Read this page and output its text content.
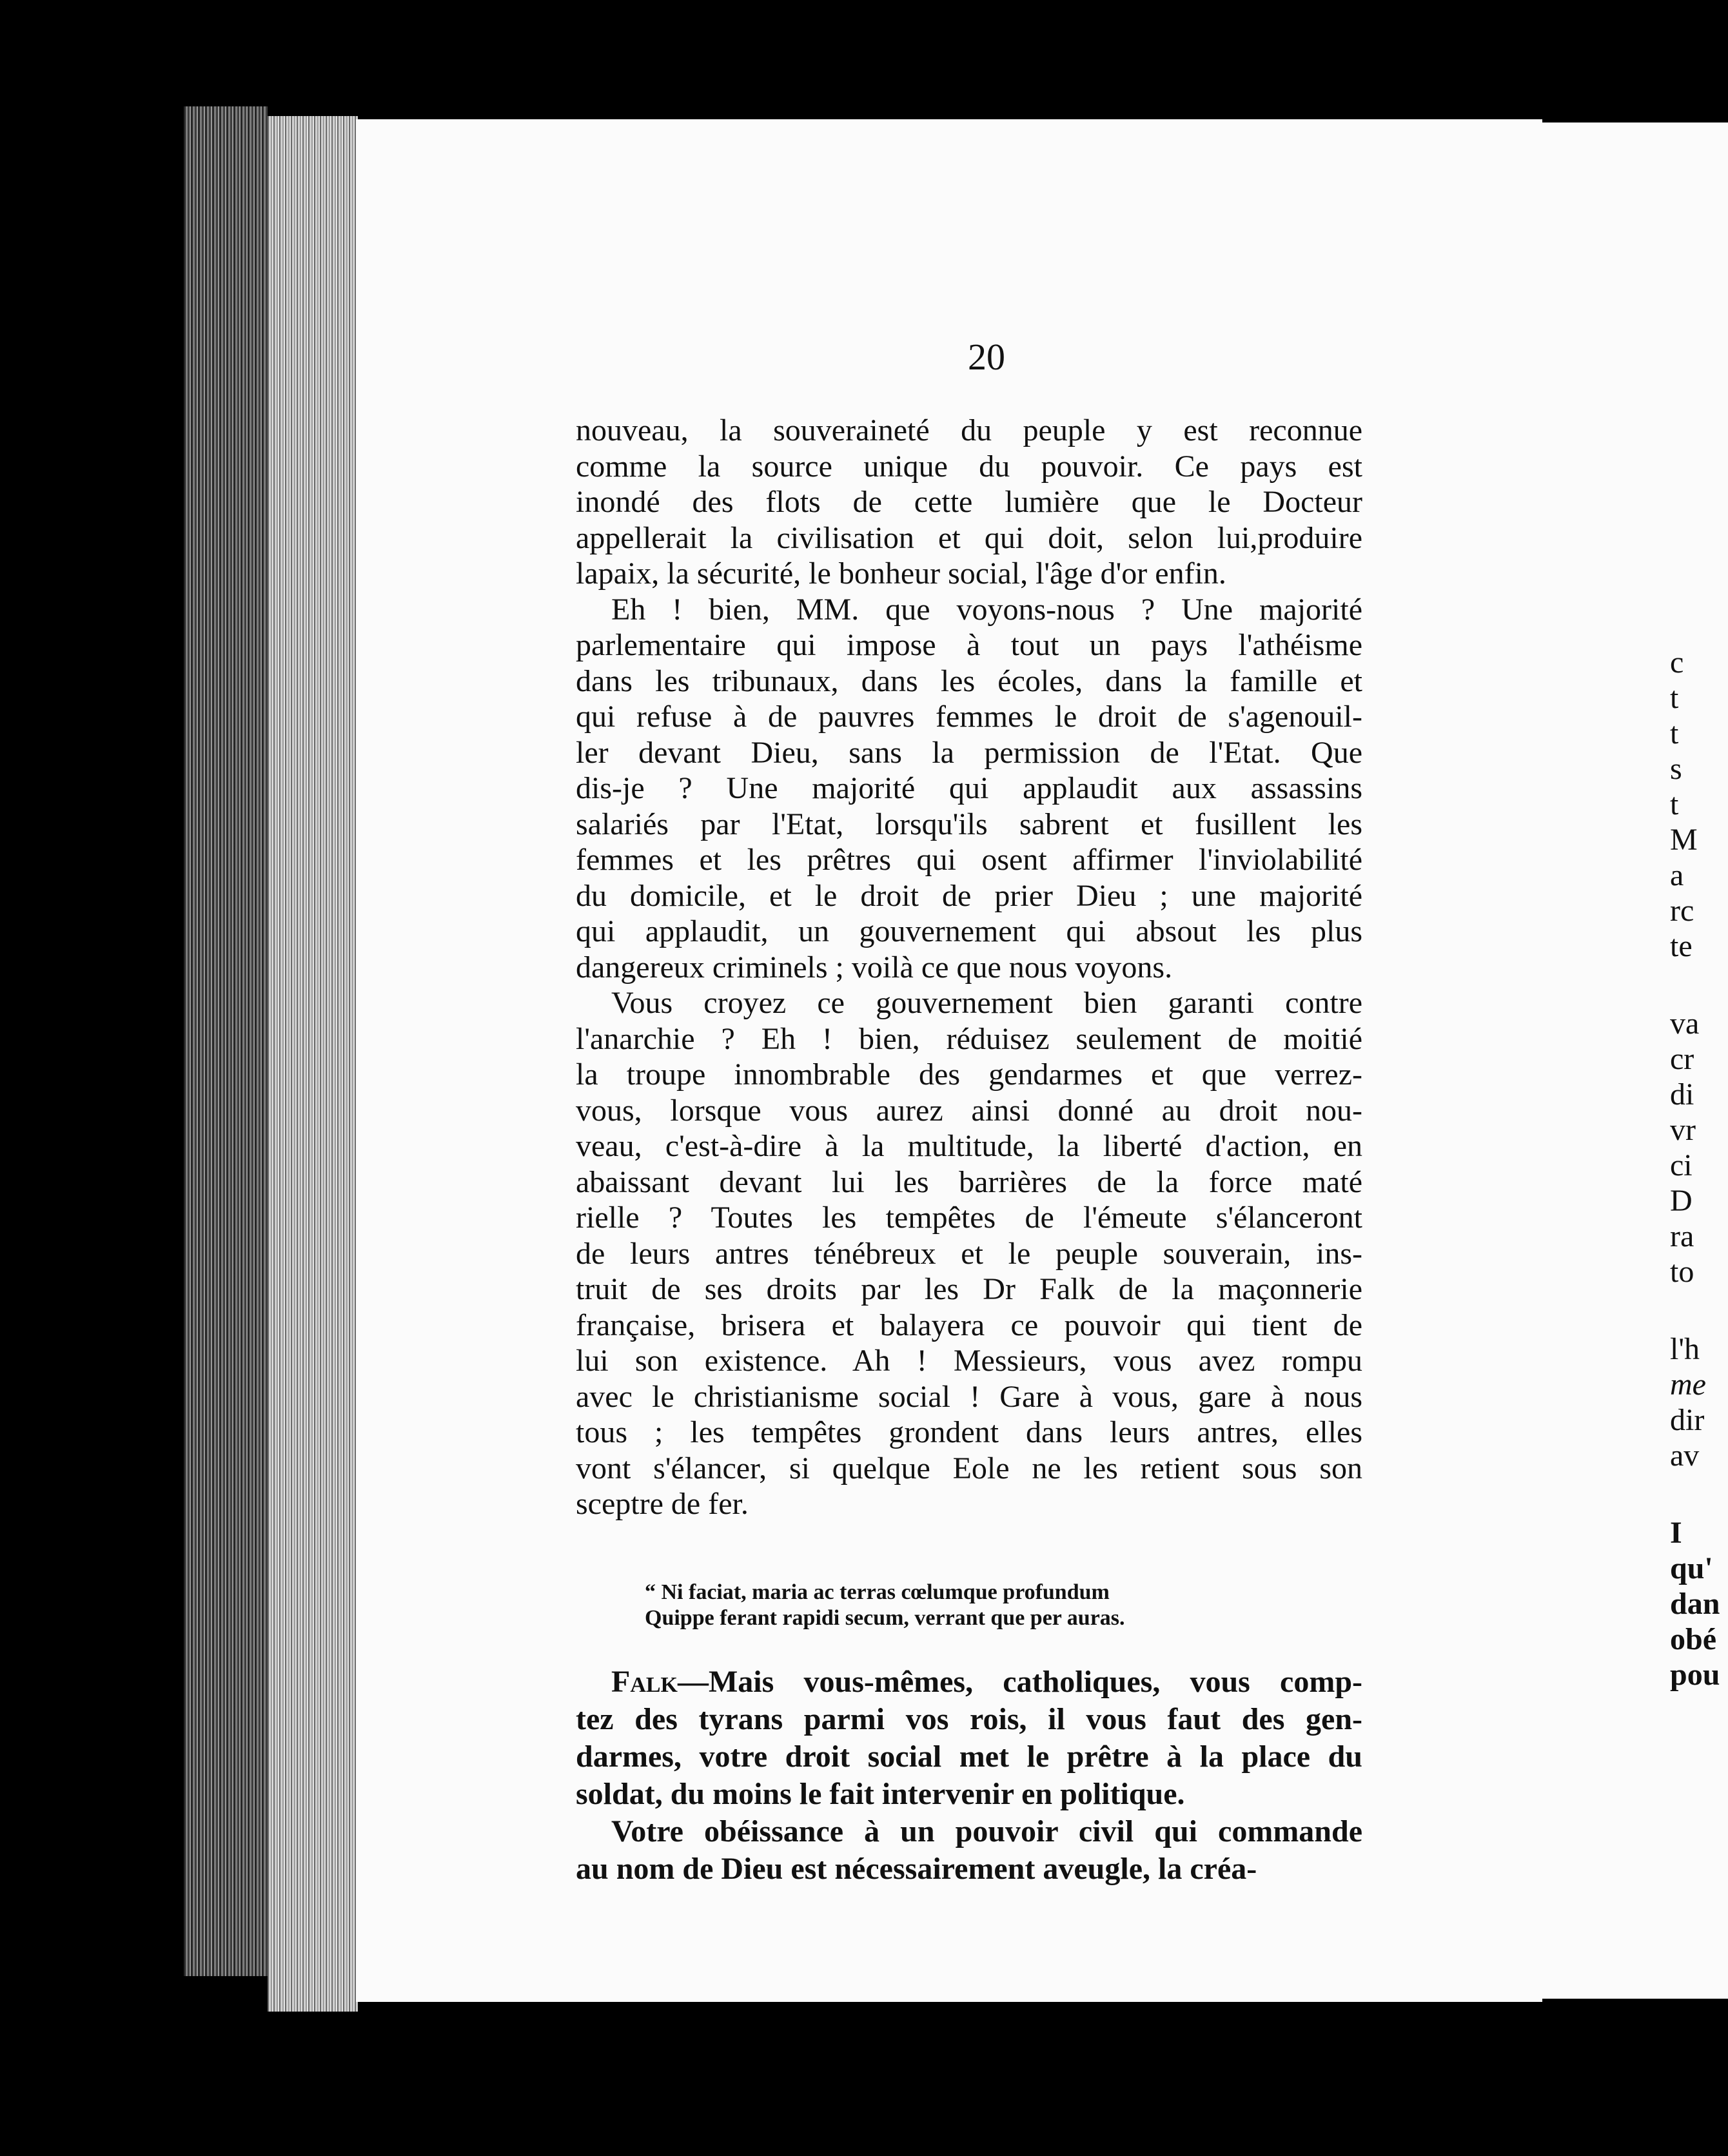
20
nouveau, la souveraineté du peuple y est reconnue
comme la source unique du pouvoir. Ce pays est
inondé des flots de cette lumière que le Docteur
appellerait la civilisation et qui doit, selon lui,produire
lapaix, la sécurité, le bonheur social, l'âge d'or enfin.
Eh ! bien, MM. que voyons-nous ? Une majorité
parlementaire qui impose à tout un pays l'athéisme
dans les tribunaux, dans les écoles, dans la famille et
qui refuse à de pauvres femmes le droit de s'agenouil-
ler devant Dieu, sans la permission de l'Etat. Que
dis-je ? Une majorité qui applaudit aux assassins
salariés par l'Etat, lorsqu'ils sabrent et fusillent les
femmes et les prêtres qui osent affirmer l'inviolabilité
du domicile, et le droit de prier Dieu ; une majorité
qui applaudit, un gouvernement qui absout les plus
dangereux criminels ; voilà ce que nous voyons.
Vous croyez ce gouvernement bien garanti contre
l'anarchie ? Eh ! bien, réduisez seulement de moitié
la troupe innombrable des gendarmes et que verrez-
vous, lorsque vous aurez ainsi donné au droit nou-
veau, c'est-à-dire à la multitude, la liberté d'action, en
abaissant devant lui les barrières de la force maté
rielle ? Toutes les tempêtes de l'émeute s'élanceront
de leurs antres ténébreux et le peuple souverain, ins-
truit de ses droits par les Dr Falk de la maçonnerie
française, brisera et balayera ce pouvoir qui tient de
lui son existence. Ah ! Messieurs, vous avez rompu
avec le christianisme social ! Gare à vous, gare à nous
tous ; les tempêtes grondent dans leurs antres, elles
vont s'élancer, si quelque Eole ne les retient sous son
sceptre de fer.
“ Ni faciat, maria ac terras cœlumque profundum
Quippe ferant rapidi secum, verrant que per auras.
Falk—Mais vous-mêmes, catholiques, vous comp-
tez des tyrans parmi vos rois, il vous faut des gen-
darmes, votre droit social met le prêtre à la place du
soldat, du moins le fait intervenir en politique.
Votre obéissance à un pouvoir civil qui commande
au nom de Dieu est nécessairement aveugle, la créa-
c
t
t
s
t
M
a
rc
te
va
cr
di
vr
ci
D
ra
to
l'h
me
dir
av
I
qu'
dan
obé
pou
